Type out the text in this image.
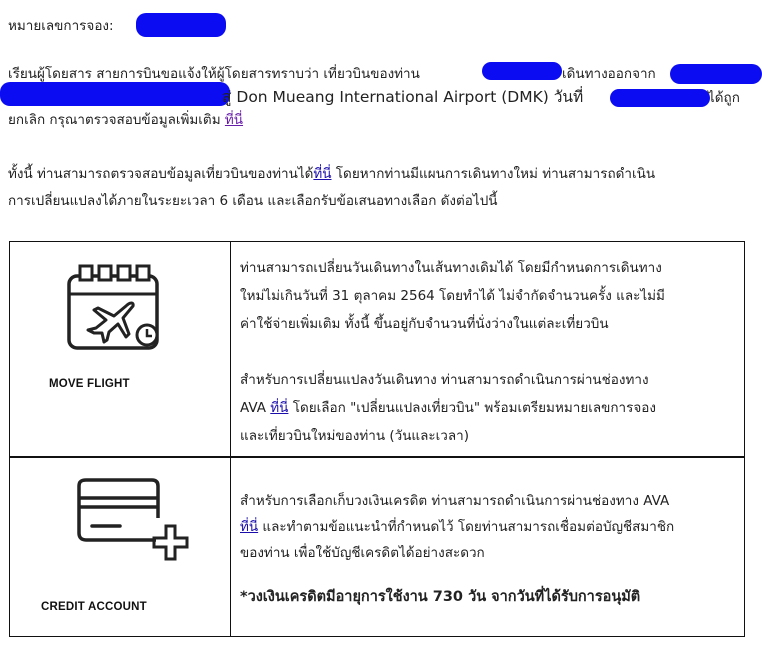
หมายเลขการจอง:
เรียนผู้โดยสาร สายการบินขอแจ้งให้ผู้โดยสารทราบว่า เที่ยวบินของท่าน	เดินทางออกจาก
สู่ Don Mueang International Airport (DMK) วันที่	ได้ถูก
ยกเลิก กรุณาตรวจสอบข้อมูลเพิ่มเติม ที่นี่
ทั้งนี้ ท่านสามารถตรวจสอบข้อมูลเที่ยวบินของท่านได้ที่นี่ โดยหากท่านมีแผนการเดินทางใหม่ ท่านสามารถดำเนิน
การเปลี่ยนแปลงได้ภายในระยะเวลา 6 เดือน และเลือกรับข้อเสนอทางเลือก ดังต่อไปนี้
MOVE FLIGHT

ท่านสามารถเปลี่ยนวันเดินทางในเส้นทางเดิมได้ โดยมีกำหนดการเดินทาง

ใหม่ไม่เกินวันที่ 31 ตุลาคม 2564 โดยทำได้ ไม่จำกัดจำนวนครั้ง และไม่มี

ค่าใช้จ่ายเพิ่มเติม ทั้งนี้ ขึ้นอยู่กับจำนวนที่นั่งว่างในแต่ละเที่ยวบิน

สำหรับการเปลี่ยนแปลงวันเดินทาง ท่านสามารถดำเนินการผ่านช่องทาง

AVA ที่นี่ โดยเลือก "เปลี่ยนแปลงเที่ยวบิน" พร้อมเตรียมหมายเลขการจอง

และเที่ยวบินใหม่ของท่าน (วันและเวลา)

CREDIT ACCOUNT

สำหรับการเลือกเก็บวงเงินเครดิต ท่านสามารถดำเนินการผ่านช่องทาง AVA

ที่นี่ และทำตามข้อแนะนำที่กำหนดไว้ โดยท่านสามารถเชื่อมต่อบัญชีสมาชิก

ของท่าน เพื่อใช้บัญชีเครดิตได้อย่างสะดวก

*วงเงินเครดิตมีอายุการใช้งาน 730 วัน จากวันที่ได้รับการอนุมัติ
